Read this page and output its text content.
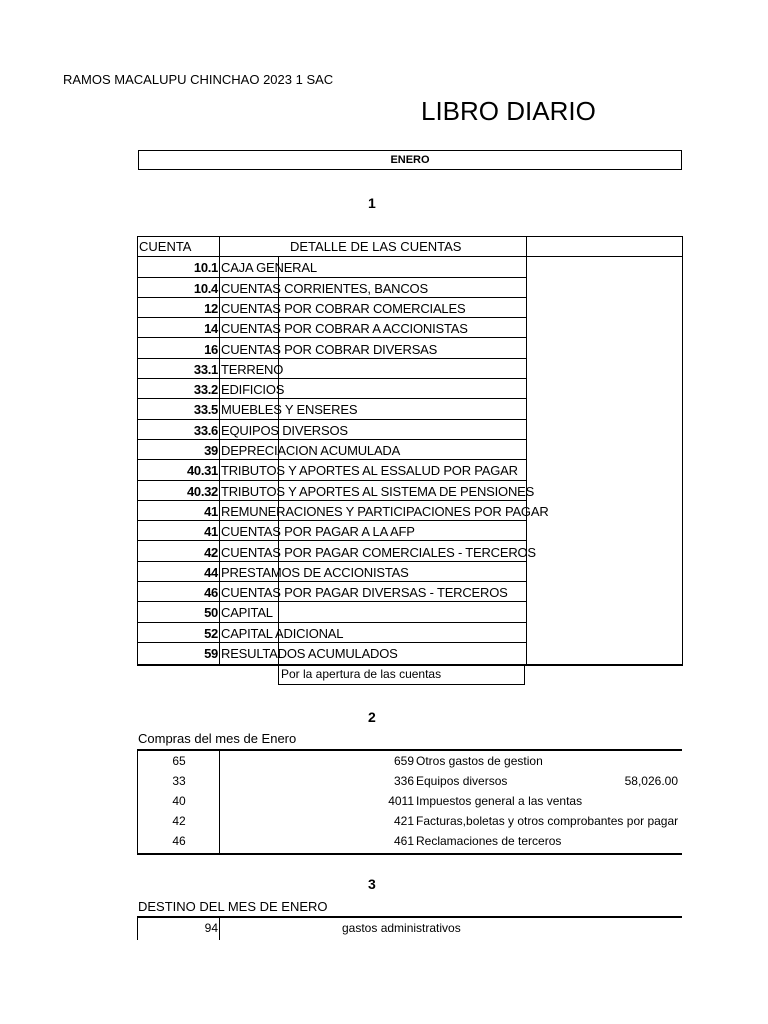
RAMOS MACALUPU CHINCHAO 2023 1 SAC
LIBRO DIARIO
ENERO
1
CUENTA	DETALLE DE LAS CUENTAS
10.1 CAJA GENERAL
10.4 CUENTAS CORRIENTES, BANCOS
12 CUENTAS POR COBRAR COMERCIALES
14 CUENTAS POR COBRAR A ACCIONISTAS
16 CUENTAS POR COBRAR DIVERSAS
33.1 TERRENO
33.2 EDIFICIOS
33.5 MUEBLES Y ENSERES
33.6 EQUIPOS DIVERSOS
39 DEPRECIACION ACUMULADA
40.31 TRIBUTOS Y APORTES AL ESSALUD POR PAGAR
40.32 TRIBUTOS Y APORTES AL SISTEMA DE PENSIONES
41 REMUNERACIONES Y PARTICIPACIONES POR PAGAR
41 CUENTAS POR PAGAR A LA AFP
42 CUENTAS POR PAGAR COMERCIALES - TERCEROS
44 PRESTAMOS DE ACCIONISTAS
46 CUENTAS POR PAGAR DIVERSAS - TERCEROS
50 CAPITAL
52 CAPITAL ADICIONAL
59 RESULTADOS ACUMULADOS
Por la apertura de las cuentas
2
Compras del mes de Enero
65	659 Otros gastos de gestion
33	336 Equipos diversos	58,026.00
40	4011 Impuestos general a las ventas
42	421 Facturas,boletas y otros comprobantes por pagar
46	461 Reclamaciones de terceros
3
DESTINO DEL MES DE ENERO
94	gastos administrativos
